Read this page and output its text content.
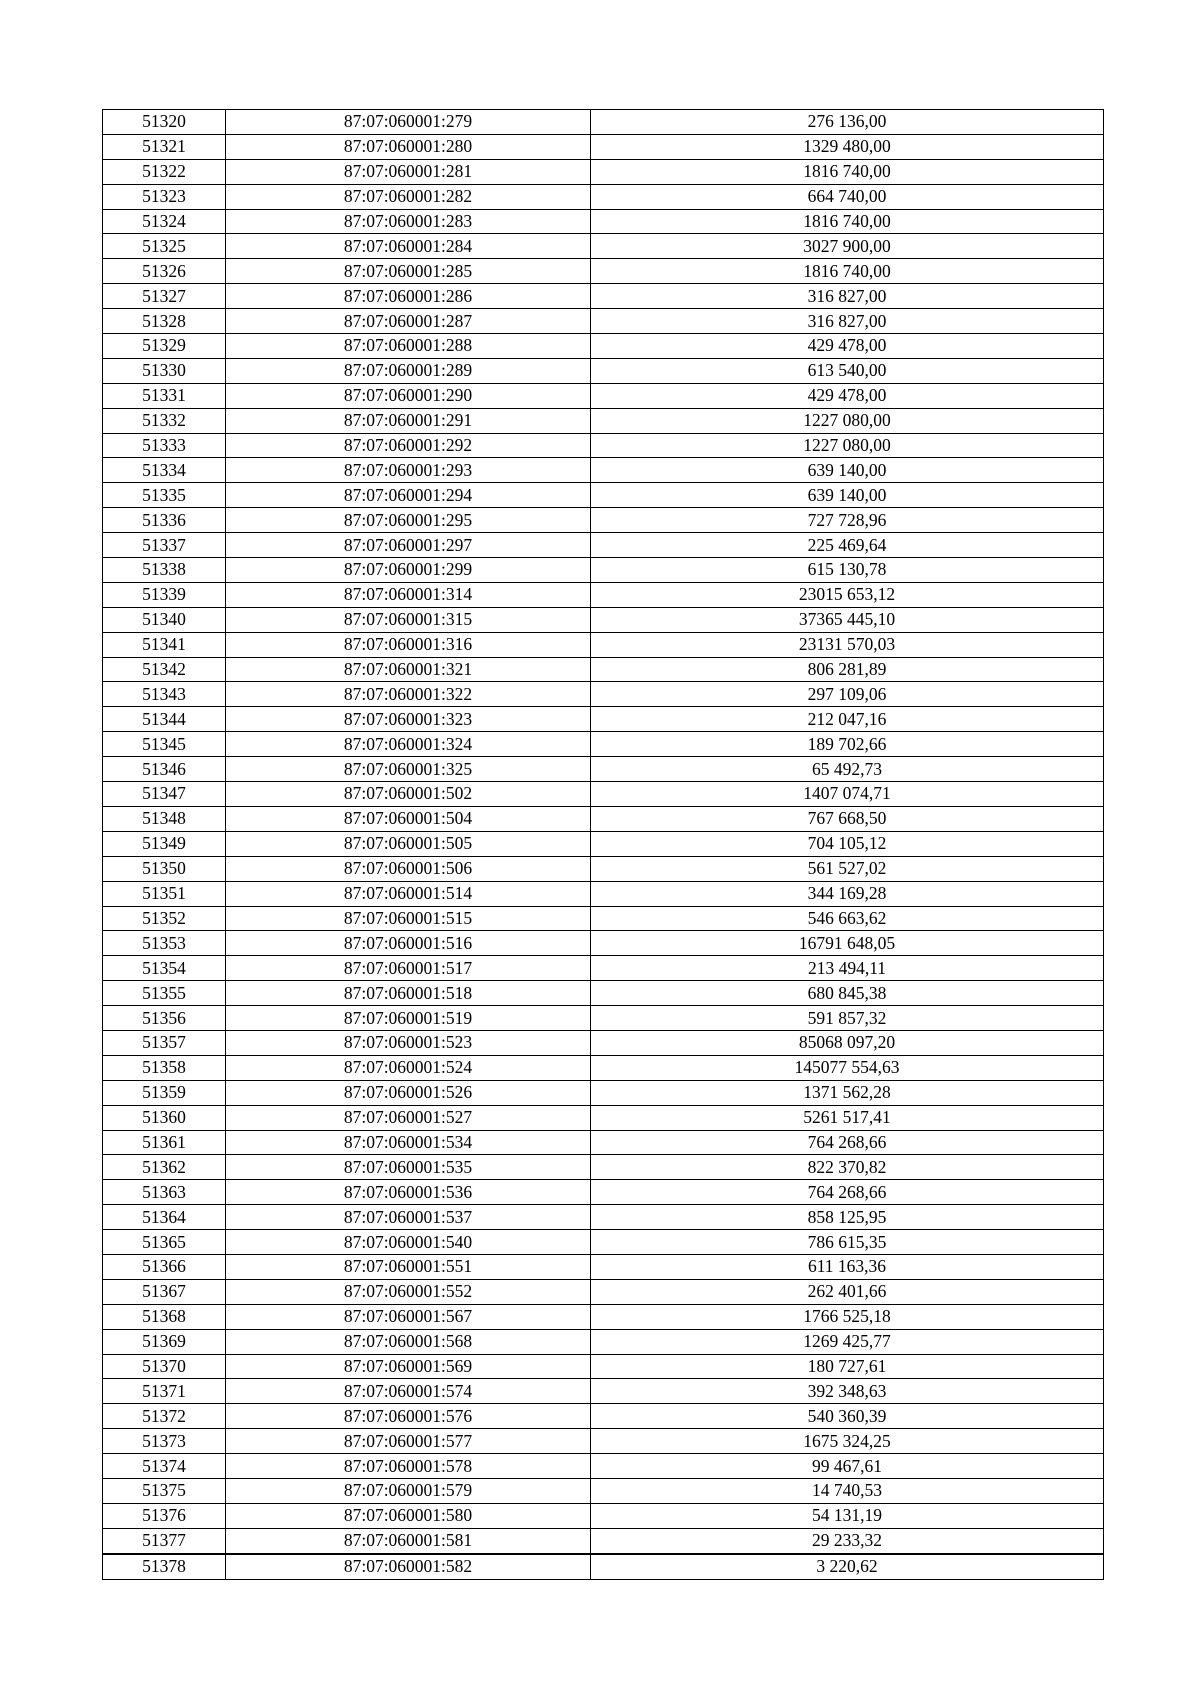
51320	87:07:060001:279	276 136,00
51321	87:07:060001:280	1329 480,00
51322	87:07:060001:281	1816 740,00
51323	87:07:060001:282	664 740,00
51324	87:07:060001:283	1816 740,00
51325	87:07:060001:284	3027 900,00
51326	87:07:060001:285	1816 740,00
51327	87:07:060001:286	316 827,00
51328	87:07:060001:287	316 827,00
51329	87:07:060001:288	429 478,00
51330	87:07:060001:289	613 540,00
51331	87:07:060001:290	429 478,00
51332	87:07:060001:291	1227 080,00
51333	87:07:060001:292	1227 080,00
51334	87:07:060001:293	639 140,00
51335	87:07:060001:294	639 140,00
51336	87:07:060001:295	727 728,96
51337	87:07:060001:297	225 469,64
51338	87:07:060001:299	615 130,78
51339	87:07:060001:314	23015 653,12
51340	87:07:060001:315	37365 445,10
51341	87:07:060001:316	23131 570,03
51342	87:07:060001:321	806 281,89
51343	87:07:060001:322	297 109,06
51344	87:07:060001:323	212 047,16
51345	87:07:060001:324	189 702,66
51346	87:07:060001:325	65 492,73
51347	87:07:060001:502	1407 074,71
51348	87:07:060001:504	767 668,50
51349	87:07:060001:505	704 105,12
51350	87:07:060001:506	561 527,02
51351	87:07:060001:514	344 169,28
51352	87:07:060001:515	546 663,62
51353	87:07:060001:516	16791 648,05
51354	87:07:060001:517	213 494,11
51355	87:07:060001:518	680 845,38
51356	87:07:060001:519	591 857,32
51357	87:07:060001:523	85068 097,20
51358	87:07:060001:524	145077 554,63
51359	87:07:060001:526	1371 562,28
51360	87:07:060001:527	5261 517,41
51361	87:07:060001:534	764 268,66
51362	87:07:060001:535	822 370,82
51363	87:07:060001:536	764 268,66
51364	87:07:060001:537	858 125,95
51365	87:07:060001:540	786 615,35
51366	87:07:060001:551	611 163,36
51367	87:07:060001:552	262 401,66
51368	87:07:060001:567	1766 525,18
51369	87:07:060001:568	1269 425,77
51370	87:07:060001:569	180 727,61
51371	87:07:060001:574	392 348,63
51372	87:07:060001:576	540 360,39
51373	87:07:060001:577	1675 324,25
51374	87:07:060001:578	99 467,61
51375	87:07:060001:579	14 740,53
51376	87:07:060001:580	54 131,19
51377	87:07:060001:581	29 233,32
51378	87:07:060001:582	3 220,62
